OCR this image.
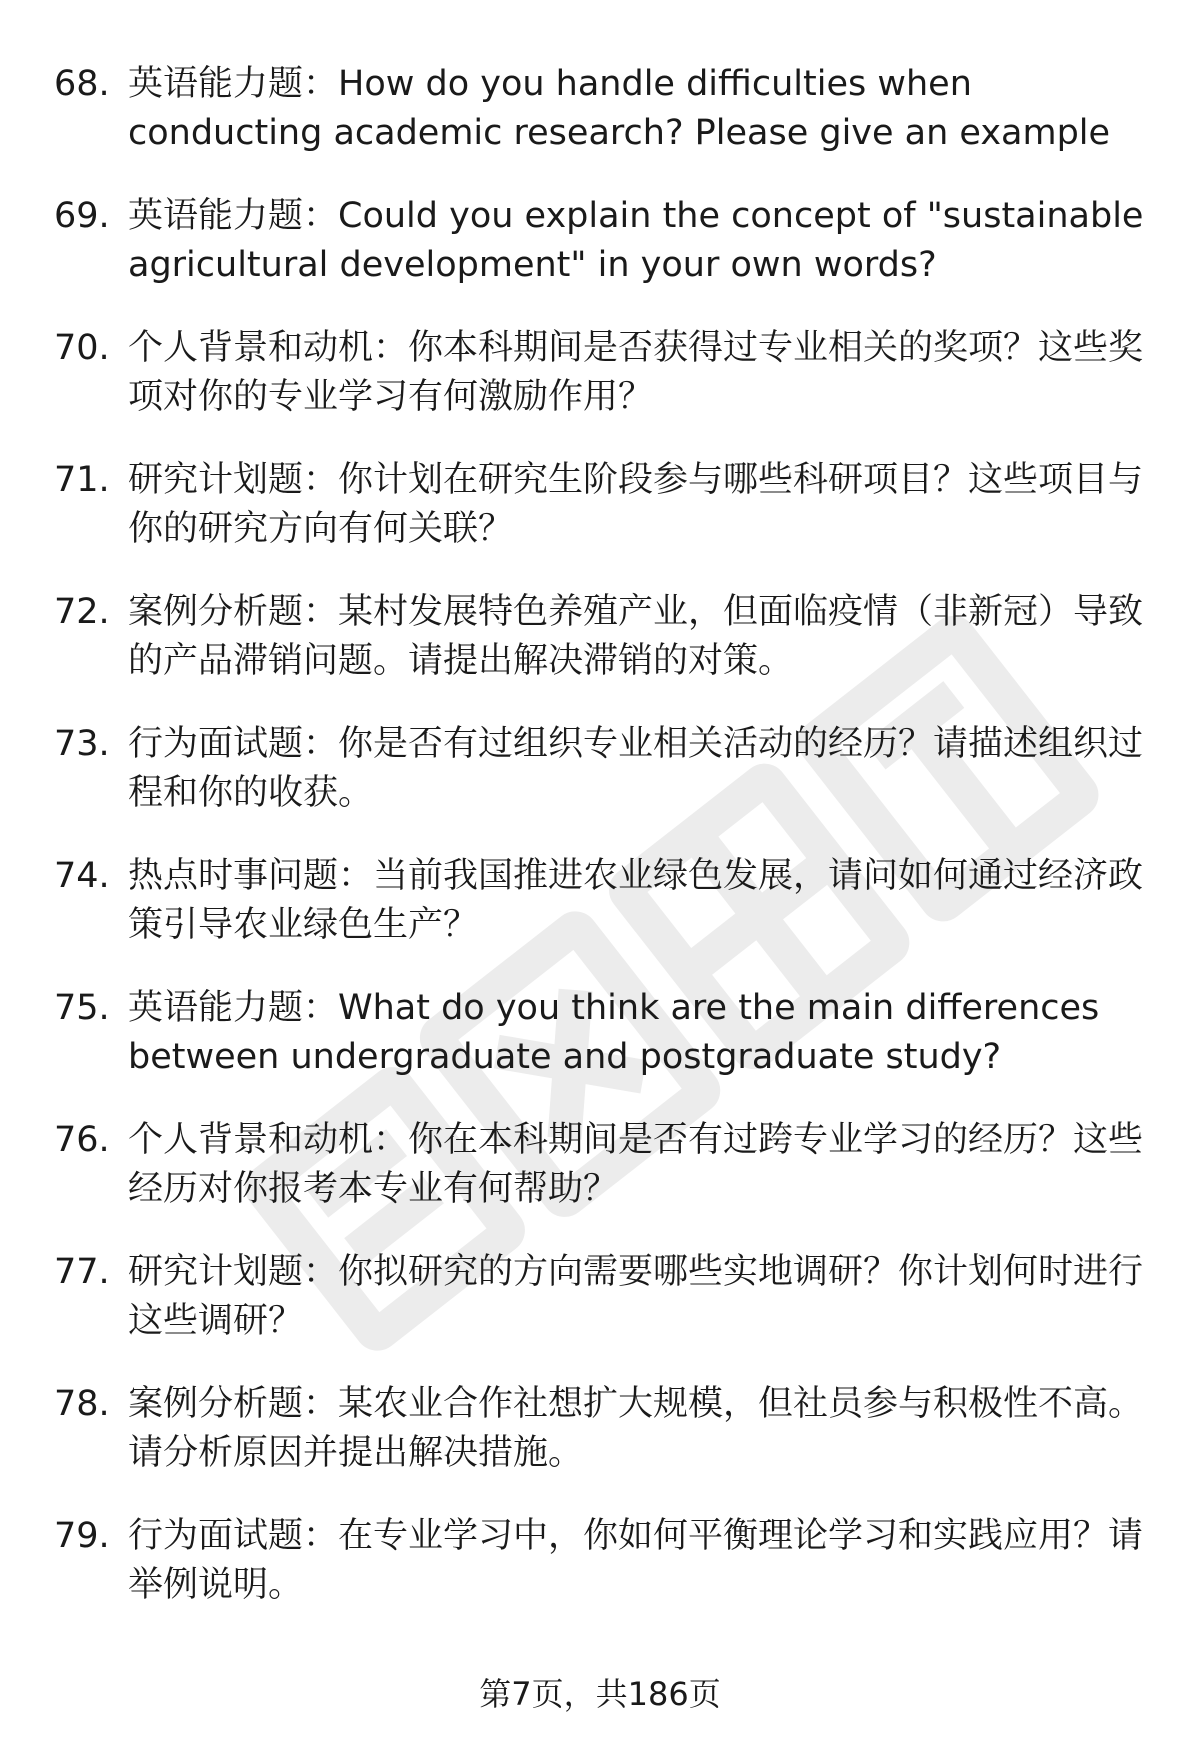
68. 英语能力题：How do you handle difficulties when conducting academic research? Please give an example
69. 英语能力题：Could you explain the concept of "sustainable agricultural development" in your own words?
70. 个人背景和动机：你本科期间是否获得过专业相关的奖项？这些奖项对你的专业学习有何激励作用？
71. 研究计划题：你计划在研究生阶段参与哪些科研项目？这些项目与你的研究方向有何关联？
72. 案例分析题：某村发展特色养殖产业，但面临疫情（非新冠）导致的产品滞销问题。请提出解决滞销的对策。
73. 行为面试题：你是否有过组织专业相关活动的经历？请描述组织过程和你的收获。
74. 热点时事问题：当前我国推进农业绿色发展，请问如何通过经济政策引导农业绿色生产？
75. 英语能力题：What do you think are the main differences between undergraduate and postgraduate study?
76. 个人背景和动机：你在本科期间是否有过跨专业学习的经历？这些经历对你报考本专业有何帮助？
77. 研究计划题：你拟研究的方向需要哪些实地调研？你计划何时进行这些调研？
78. 案例分析题：某农业合作社想扩大规模，但社员参与积极性不高。请分析原因并提出解决措施。
79. 行为面试题：在专业学习中，你如何平衡理论学习和实践应用？请举例说明。
第7页，共186页
